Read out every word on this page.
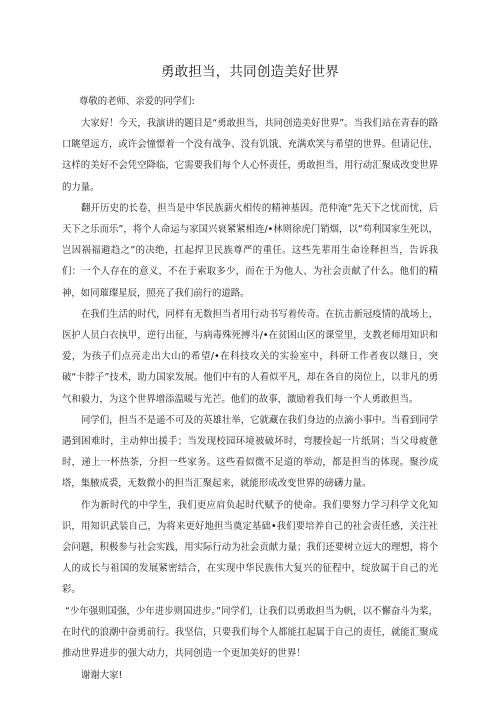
勇敢担当，共同创造美好世界

尊敬的老师、亲爱的同学们:

大家好！今天，我演讲的题目是“勇敢担当，共同创造美好世界”。当我们站在青春的路口眺望远方，或许会憧憬着一个没有战争、没有饥饿、充满欢笑与希望的世界。但请记住，这样的美好不会凭空降临，它需要我们每个人心怀责任，勇敢担当，用行动汇聚成改变世界的力量。

翻开历史的长卷，担当是中华民族薪火相传的精神基因。范仲淹“先天下之忧而忧，后天下之乐而乐”，将个人命运与家国兴衰紧紧相连/•林则徐虎门销烟，以“苟利国家生死以，岂因祸福避趋之”的决绝，扛起捍卫民族尊严的重任。这些先辈用生命诠释担当，告诉我们：一个人存在的意义，不在于索取多少，而在于为他人、为社会贡献了什么。他们的精神，如同璀璨星辰，照亮了我们前行的道路。

在我们生活的时代，同样有无数担当者用行动书写着传奇。在抗击新冠疫情的战场上，医护人员白衣执甲，逆行出征，与病毒殊死搏斗/•在贫困山区的课堂里，支教老师用知识和爱，为孩子们点亮走出大山的希望/•在科技攻关的实验室中，科研工作者夜以继日，突破“卡脖子”技术，助力国家发展。他们中有的人看似平凡，却在各自的岗位上，以非凡的勇气和毅力，为这个世界增添温暖与光芒。他们的故事，激励着我们每一个人勇敢担当。

同学们，担当不是遥不可及的英雄壮举，它就藏在我们身边的点滴小事中。当看到同学遇到困难时，主动伸出援手；当发现校园环境被破坏时，弯腰捡起一片纸屑；当父母疲惫时，递上一杯热茶，分担一些家务。这些看似微不足道的举动，都是担当的体现。聚沙成塔，集腋成裘，无数微小的担当汇聚起来，就能形成改变世界的磅礴力量。

作为新时代的中学生，我们更应肩负起时代赋予的使命。我们要努力学习科学文化知识，用知识武装自己，为将来更好地担当奠定基础•我们要培养自己的社会责任感，关注社会问题，积极参与社会实践，用实际行动为社会贡献力量；我们还要树立远大的理想，将个人的成长与祖国的发展紧密结合，在实现中华民族伟大复兴的征程中，绽放属于自己的光彩。

“少年强则国强，少年进步则国进步。”同学们，让我们以勇敢担当为帆，以不懈奋斗为桨，在时代的浪潮中奋勇前行。我坚信，只要我们每个人都能扛起属于自己的责任，就能汇聚成推动世界进步的强大动力，共同创造一个更加美好的世界！

谢谢大家!
